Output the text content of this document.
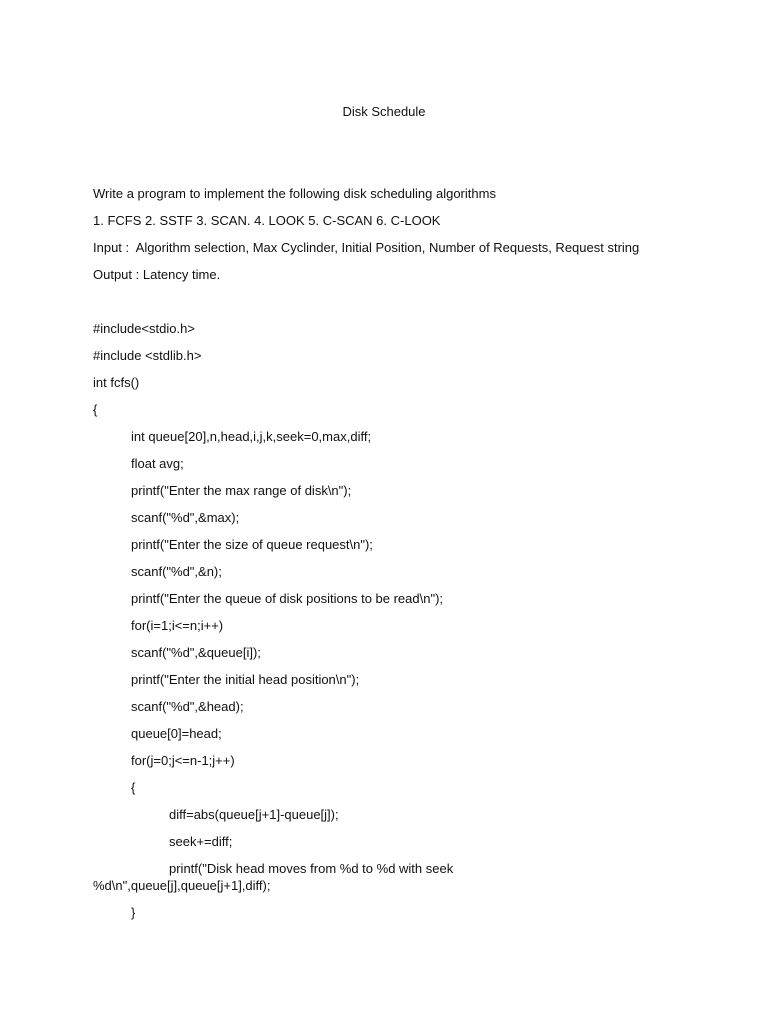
Disk Schedule
Write a program to implement the following disk scheduling algorithms
1. FCFS 2. SSTF 3. SCAN. 4. LOOK 5. C-SCAN 6. C-LOOK
Input :  Algorithm selection, Max Cyclinder, Initial Position, Number of Requests, Request string
Output : Latency time.
#include<stdio.h>
#include <stdlib.h>
int fcfs()
{
int queue[20],n,head,i,j,k,seek=0,max,diff;
float avg;
printf("Enter the max range of disk\n");
scanf("%d",&max);
printf("Enter the size of queue request\n");
scanf("%d",&n);
printf("Enter the queue of disk positions to be read\n");
for(i=1;i<=n;i++)
scanf("%d",&queue[i]);
printf("Enter the initial head position\n");
scanf("%d",&head);
queue[0]=head;
for(j=0;j<=n-1;j++)
{
diff=abs(queue[j+1]-queue[j]);
seek+=diff;
printf("Disk head moves from %d to %d with seek
%d\n",queue[j],queue[j+1],diff);
}
